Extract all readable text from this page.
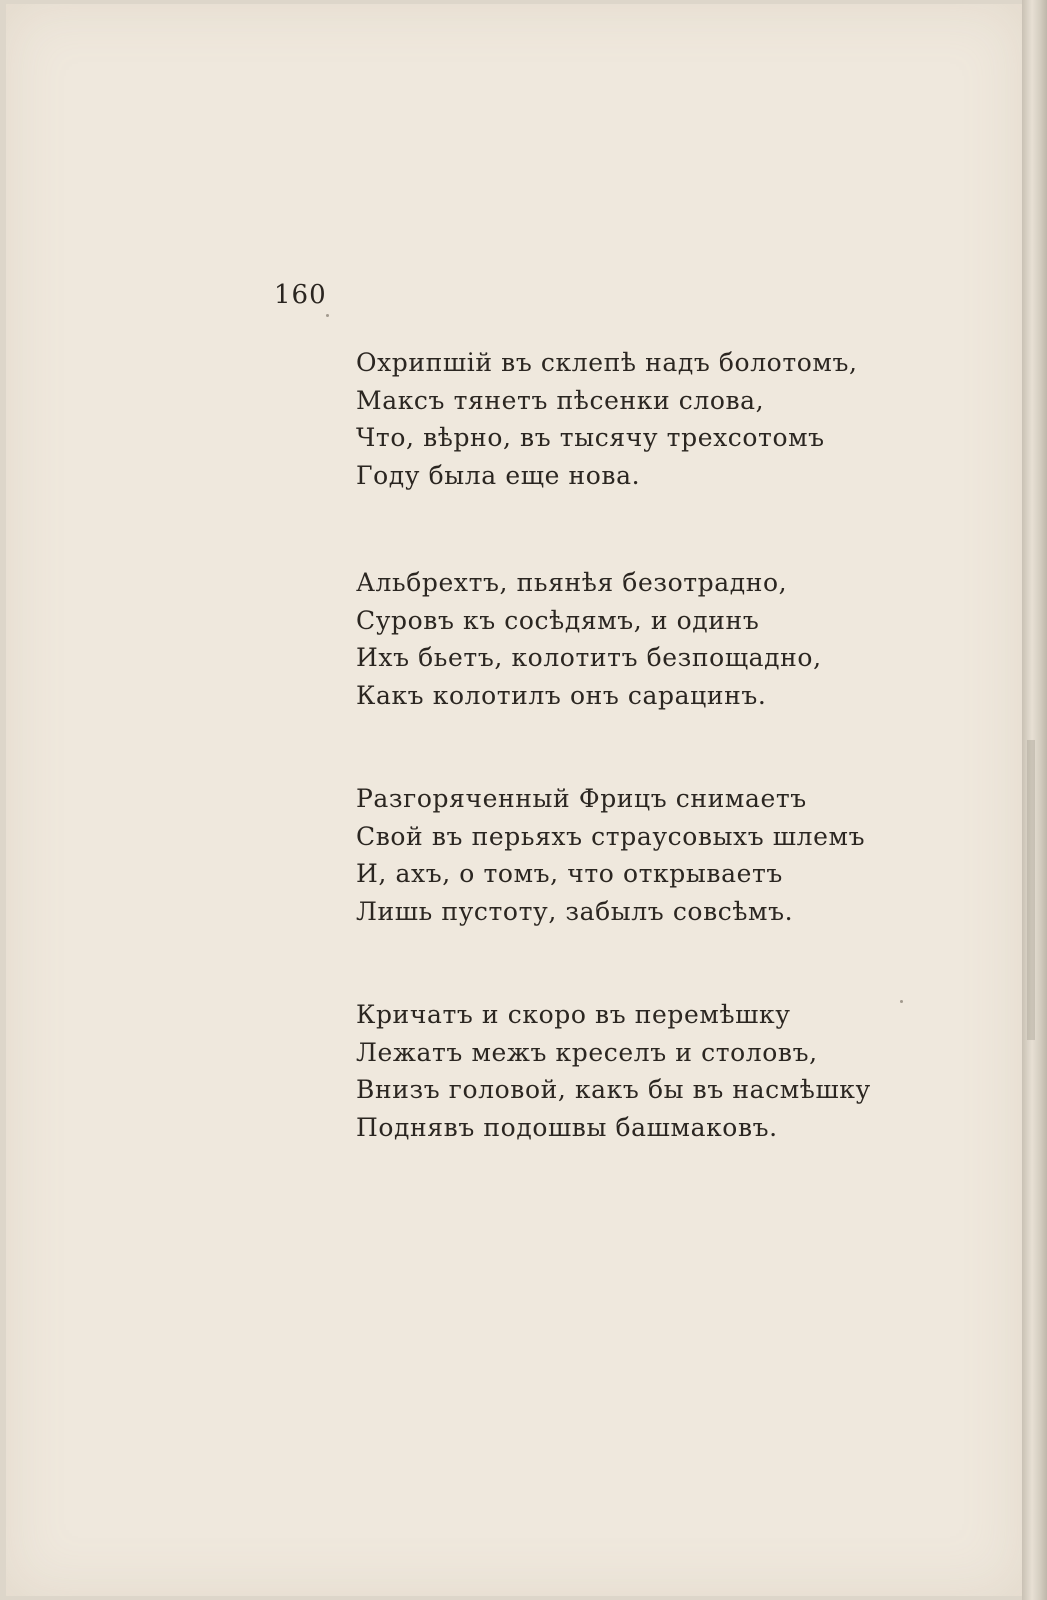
160
Охрипшій въ склепѣ надъ болотомъ,
Максъ тянетъ пѣсенки слова,
Что, вѣрно, въ тысячу трехсотомъ
Году была еще нова.
Альбрехтъ, пьянѣя безотрадно,
Суровъ къ сосѣдямъ, и одинъ
Ихъ бьетъ, колотитъ безпощадно,
Какъ колотилъ онъ сарацинъ.
Разгоряченный Фрицъ снимаетъ
Свой въ перьяхъ страусовыхъ шлемъ
И, ахъ, о томъ, что открываетъ
Лишь пустоту, забылъ совсѣмъ.
Кричатъ и скоро въ перемѣшку
Лежатъ межъ креселъ и столовъ,
Внизъ головой, какъ бы въ насмѣшку
Поднявъ подошвы башмаковъ.
